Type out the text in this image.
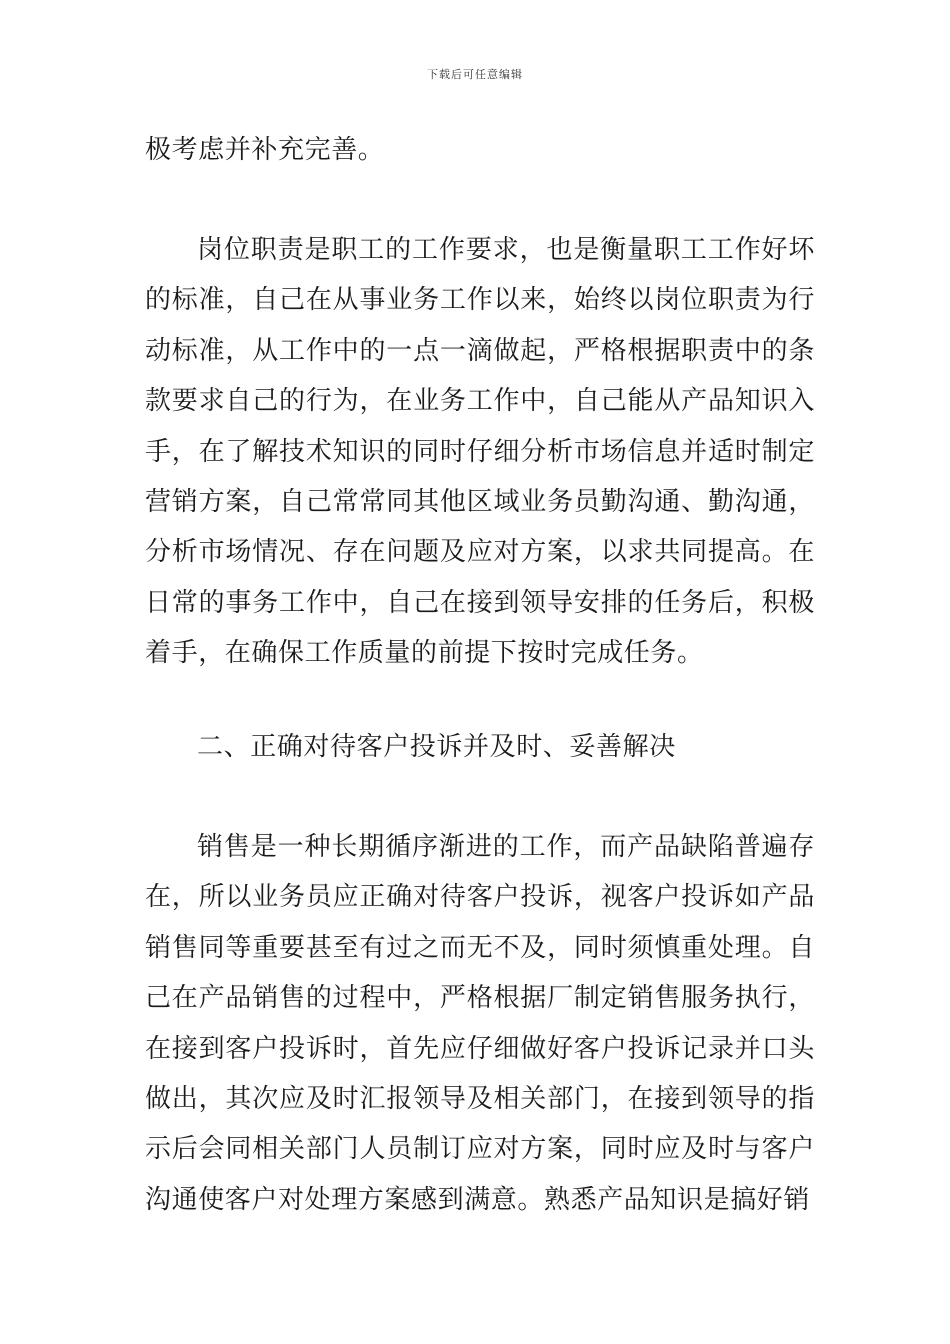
下载后可任意编辑

极考虑并补充完善。

岗位职责是职工的工作要求，也是衡量职工工作好坏的标准，自己在从事业务工作以来，始终以岗位职责为行动标准，从工作中的一点一滴做起，严格根据职责中的条款要求自己的行为，在业务工作中，自己能从产品知识入手，在了解技术知识的同时仔细分析市场信息并适时制定营销方案，自己常常同其他区域业务员勤沟通、勤沟通，分析市场情况、存在问题及应对方案，以求共同提高。在日常的事务工作中，自己在接到领导安排的任务后，积极着手，在确保工作质量的前提下按时完成任务。

二、正确对待客户投诉并及时、妥善解决

销售是一种长期循序渐进的工作，而产品缺陷普遍存在，所以业务员应正确对待客户投诉，视客户投诉如产品销售同等重要甚至有过之而无不及，同时须慎重处理。自己在产品销售的过程中，严格根据厂制定销售服务执行，在接到客户投诉时，首先应仔细做好客户投诉记录并口头做出，其次应及时汇报领导及相关部门，在接到领导的指示后会同相关部门人员制订应对方案，同时应及时与客户沟通使客户对处理方案感到满意。熟悉产品知识是搞好销
